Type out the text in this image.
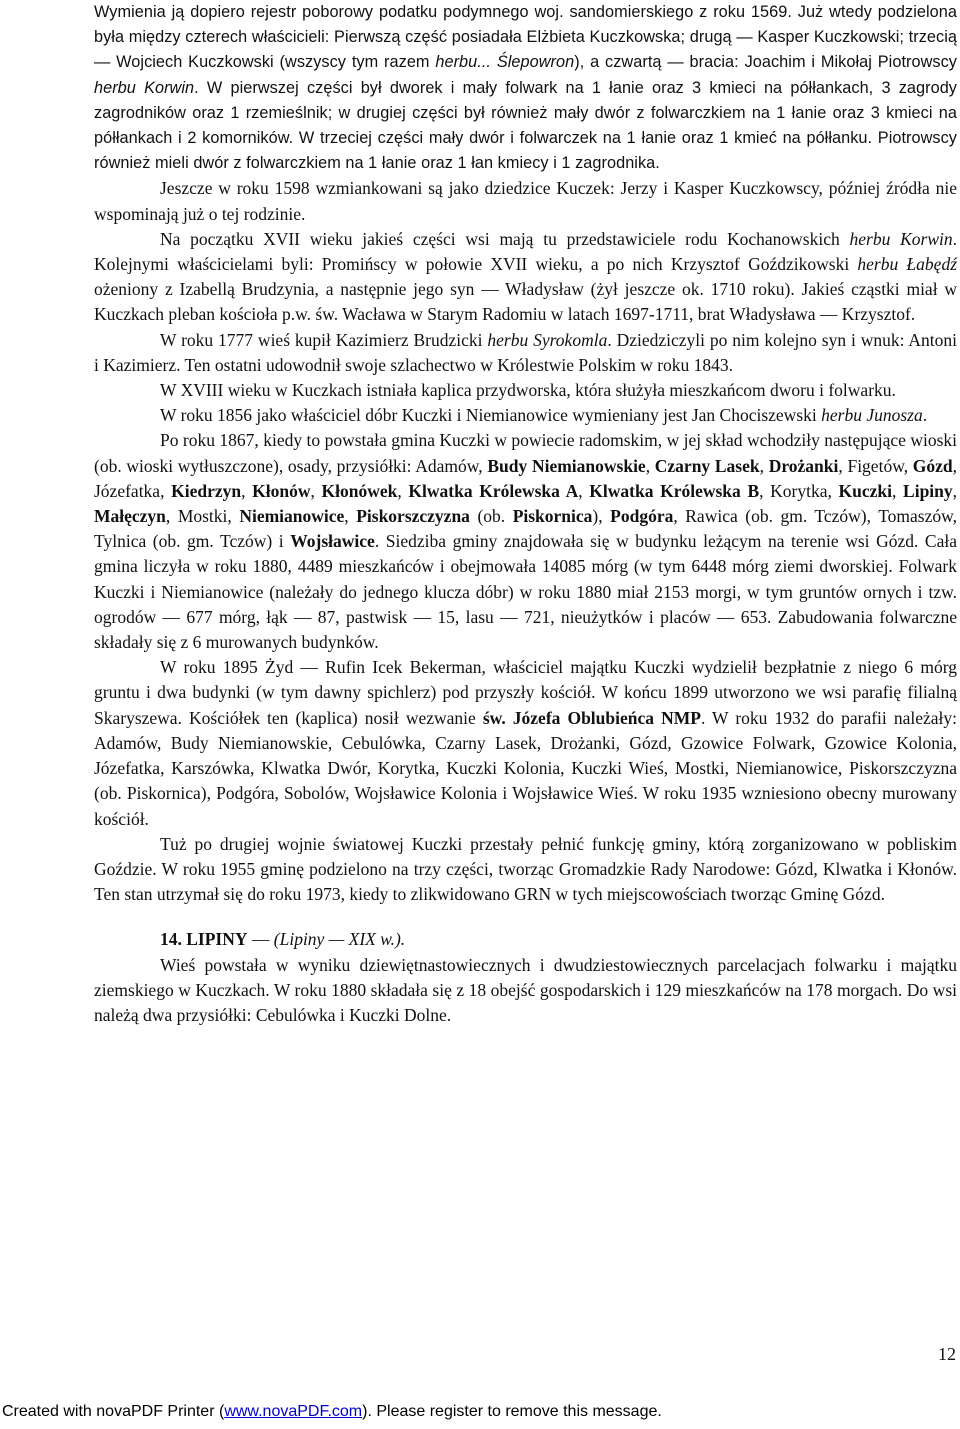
Wymienia ją dopiero rejestr poborowy podatku podymnego woj. sandomierskiego z roku 1569. Już wtedy podzielona była między czterech właścicieli: Pierwszą część posiadała Elżbieta Kuczkowska; drugą — Kasper Kuczkowski; trzecią — Wojciech Kuczkowski (wszyscy tym razem herbu... Ślepowron), a czwartą — bracia: Joachim i Mikołaj Piotrowscy herbu Korwin. W pierwszej części był dworek i mały folwark na 1 łanie oraz 3 kmieci na półłankach, 3 zagrody zagrodników oraz 1 rzemieślnik; w drugiej części był również mały dwór z folwarczkiem na 1 łanie oraz 3 kmieci na półłankach i 2 komorników. W trzeciej części mały dwór i folwarczek na 1 łanie oraz 1 kmieć na półłanku. Piotrowscy również mieli dwór z folwarczkiem na 1 łanie oraz 1 łan kmiecy i 1 zagrodnika.

Jeszcze w roku 1598 wzmiankowani są jako dziedzice Kuczek: Jerzy i Kasper Kuczkowscy, później źródła nie wspominają już o tej rodzinie.

Na początku XVII wieku jakieś części wsi mają tu przedstawiciele rodu Kochanowskich herbu Korwin. Kolejnymi właścicielami byli: Promińscy w połowie XVII wieku, a po nich Krzysztof Goździkowski herbu Łabędź ożeniony z Izabellą Brudzynia, a następnie jego syn — Władysław (żył jeszcze ok. 1710 roku). Jakieś cząstki miał w Kuczkach pleban kościoła p.w. św. Wacława w Starym Radomiu w latach 1697-1711, brat Władysława — Krzysztof.

W roku 1777 wieś kupił Kazimierz Brudzicki herbu Syrokomla. Dziedziczyli po nim kolejno syn i wnuk: Antoni i Kazimierz. Ten ostatni udowodnił swoje szlachectwo w Królestwie Polskim w roku 1843.

W XVIII wieku w Kuczkach istniała kaplica przydworska, która służyła mieszkańcom dworu i folwarku.

W roku 1856 jako właściciel dóbr Kuczki i Niemianowice wymieniany jest Jan Chociszewski herbu Junosza.

Po roku 1867, kiedy to powstała gmina Kuczki w powiecie radomskim, w jej skład wchodziły następujące wioski (ob. wioski wytłuszczone), osady, przysiółki: Adamów, Budy Niemianowskie, Czarny Lasek, Drożanki, Figetów, Gózd, Józefatka, Kiedrzyn, Kłonów, Kłonówek, Klwatka Królewska A, Klwatka Królewska B, Korytka, Kuczki, Lipiny, Małęczyn, Mostki, Niemianowice, Piskorszczyzna (ob. Piskornica), Podgóra, Rawica (ob. gm. Tczów), Tomaszów, Tylnica (ob. gm. Tczów) i Wojsławice. Siedziba gminy znajdowała się w budynku leżącym na terenie wsi Gózd. Cała gmina liczyła w roku 1880, 4489 mieszkańców i obejmowała 14085 mórg (w tym 6448 mórg ziemi dworskiej. Folwark Kuczki i Niemianowice (należały do jednego klucza dóbr) w roku 1880 miał 2153 morgi, w tym gruntów ornych i tzw. ogrodów — 677 mórg, łąk — 87, pastwisk — 15, lasu — 721, nieużytków i placów — 653. Zabudowania folwarczne składały się z 6 murowanych budynków.

W roku 1895 Żyd — Rufin Icek Bekerman, właściciel majątku Kuczki wydzielił bezpłatnie z niego 6 mórg gruntu i dwa budynki (w tym dawny spichlerz) pod przyszły kościół. W końcu 1899 utworzono we wsi parafię filialną Skaryszewa. Kościółek ten (kaplica) nosił wezwanie św. Józefa Oblubieńca NMP. W roku 1932 do parafii należały: Adamów, Budy Niemianowskie, Cebulówka, Czarny Lasek, Drożanki, Gózd, Gzowice Folwark, Gzowice Kolonia, Józefatka, Karszówka, Klwatka Dwór, Korytka, Kuczki Kolonia, Kuczki Wieś, Mostki, Niemianowice, Piskorszczyzna (ob. Piskornica), Podgóra, Sobolów, Wojsławice Kolonia i Wojsławice Wieś. W roku 1935 wzniesiono obecny murowany kościół.

Tuż po drugiej wojnie światowej Kuczki przestały pełnić funkcję gminy, którą zorganizowano w pobliskim Goździe. W roku 1955 gminę podzielono na trzy części, tworząc Gromadzkie Rady Narodowe: Gózd, Klwatka i Kłonów. Ten stan utrzymał się do roku 1973, kiedy to zlikwidowano GRN w tych miejscowościach tworząc Gminę Gózd.

14. LIPINY — (Lipiny — XIX w.).

Wieś powstała w wyniku dziewiętnastowiecznych i dwudziestowiecznych parcelacjach folwarku i majątku ziemskiego w Kuczkach. W roku 1880 składała się z 18 obejść gospodarskich i 129 mieszkańców na 178 morgach. Do wsi należą dwa przysiółki: Cebulówka i Kuczki Dolne.

12
Created with novaPDF Printer (www.novaPDF.com). Please register to remove this message.
